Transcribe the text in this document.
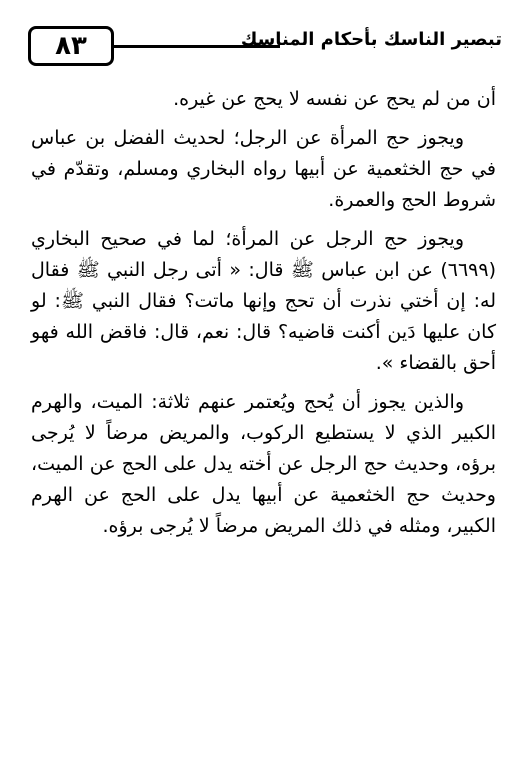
٨٣	تبصير الناسك بأحكام المناسك

أن من لم يحج عن نفسه لا يحج عن غيره.

ويجوز حج المرأة عن الرجل؛ لحديث الفضل بن عباس في حج الخثعمية عن أبيها رواه البخاري ومسلم، وتقدّم في شروط الحج والعمرة.

ويجوز حج الرجل عن المرأة؛ لما في صحيح البخاري (٦٦٩٩) عن ابن عباس ﷺ قال: « أتى رجل النبي ﷺ فقال له: إن أختي نذرت أن تحج وإنها ماتت؟ فقال النبي ﷺ: لو كان عليها دَين أكنت قاضيه؟ قال: نعم، قال: فاقض الله فهو أحق بالقضاء ».

والذين يجوز أن يُحج ويُعتمر عنهم ثلاثة: الميت، والهرم الكبير الذي لا يستطيع الركوب، والمريض مرضاً لا يُرجى برؤه، وحديث حج الرجل عن أخته يدل على الحج عن الميت، وحديث حج الخثعمية عن أبيها يدل على الحج عن الهرم الكبير، ومثله في ذلك المريض مرضاً لا يُرجى برؤه.
